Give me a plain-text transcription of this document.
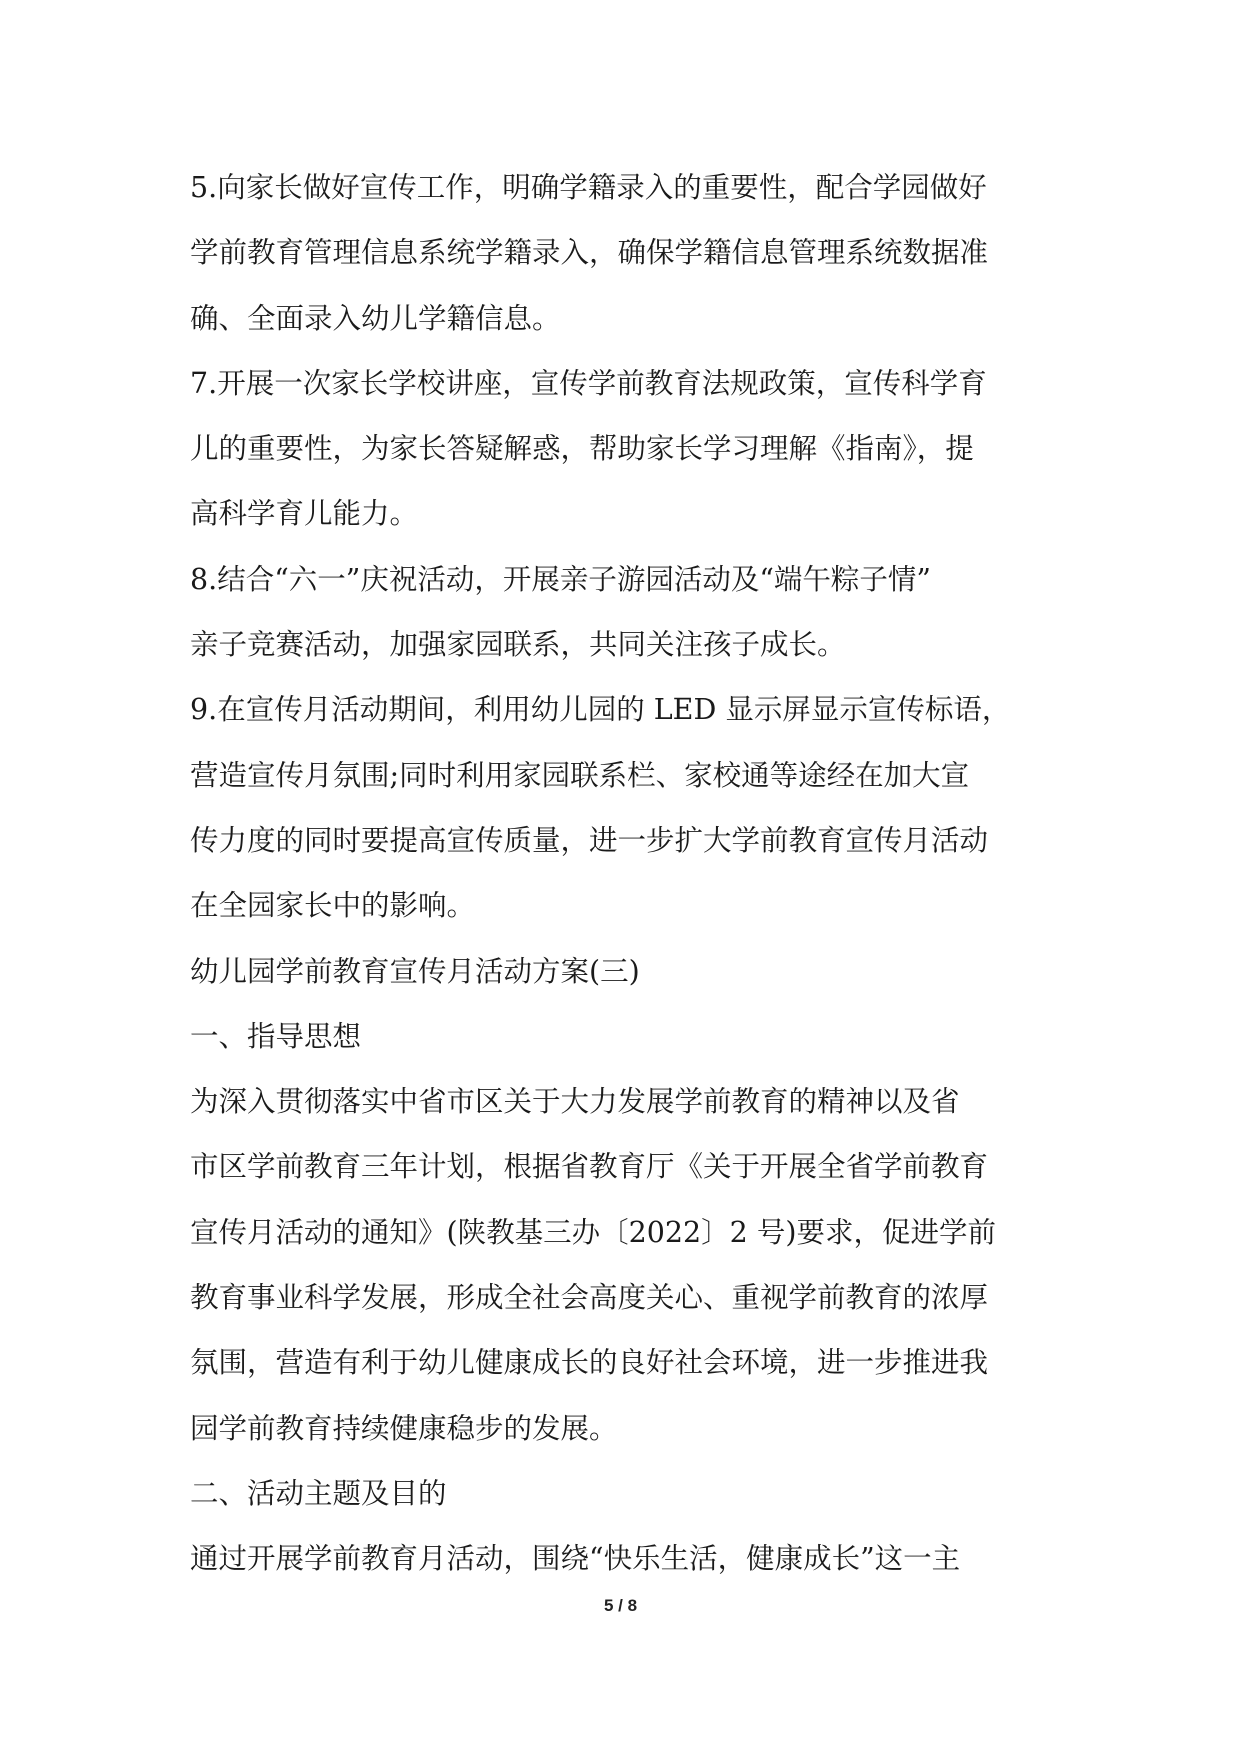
5.向家长做好宣传工作，明确学籍录入的重要性，配合学园做好
学前教育管理信息系统学籍录入，确保学籍信息管理系统数据准
确、全面录入幼儿学籍信息。
7.开展一次家长学校讲座，宣传学前教育法规政策，宣传科学育
儿的重要性，为家长答疑解惑，帮助家长学习理解《指南》，提
高科学育儿能力。
8.结合“六一”庆祝活动，开展亲子游园活动及“端午粽子情”
亲子竞赛活动，加强家园联系，共同关注孩子成长。
9.在宣传月活动期间，利用幼儿园的 LED 显示屏显示宣传标语，
营造宣传月氛围;同时利用家园联系栏、家校通等途经在加大宣
传力度的同时要提高宣传质量，进一步扩大学前教育宣传月活动
在全园家长中的影响。
幼儿园学前教育宣传月活动方案(三)
一、指导思想
为深入贯彻落实中省市区关于大力发展学前教育的精神以及省
市区学前教育三年计划，根据省教育厅《关于开展全省学前教育
宣传月活动的通知》(陕教基三办〔2022〕2 号)要求，促进学前
教育事业科学发展，形成全社会高度关心、重视学前教育的浓厚
氛围，营造有利于幼儿健康成长的良好社会环境，进一步推进我
园学前教育持续健康稳步的发展。
二、活动主题及目的
通过开展学前教育月活动，围绕“快乐生活，健康成长”这一主
5 / 8
